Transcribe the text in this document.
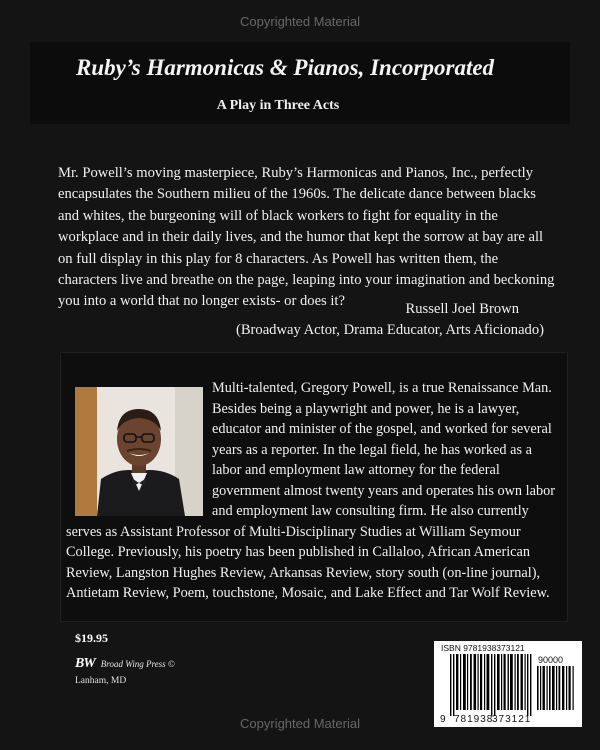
Copyrighted Material
Ruby’s Harmonicas & Pianos, Incorporated
A Play in Three Acts
Mr. Powell’s moving masterpiece, Ruby’s Harmonicas and Pianos, Inc., perfectly encapsulates the Southern milieu of the 1960s. The delicate dance between blacks and whites, the burgeoning will of black workers to fight for equality in the workplace and in their daily lives, and the humor that kept the sorrow at bay are all on full display in this play for 8 characters. As Powell has written them, the characters live and breathe on the page, leaping into your imagination and beckoning you into a world that no longer exists- or does it?	Russell Joel Brown
(Broadway Actor, Drama Educator, Arts Aficionado)
Multi-talented, Gregory Powell, is a true Renaissance Man. Besides being a playwright and power, he is a lawyer, educator and minister of the gospel, and worked for several years as a reporter. In the legal field, he has worked as a labor and employment law attorney for the federal government almost twenty years and operates his own labor and employment law consulting firm. He also currently serves as Assistant Professor of Multi-Disciplinary Studies at William Seymour College. Previously, his poetry has been published in Callaloo, African American Review, Langston Hughes Review, Arkansas Review, story south (on-line journal), Antietam Review, Poem, touchstone, Mosaic, and Lake Effect and Tar Wolf Review.
$19.95
BW Broad Wing Press ©
Lanham, MD
ISBN 9781938373121
90000
9 781938
373121
Copyrighted Material
